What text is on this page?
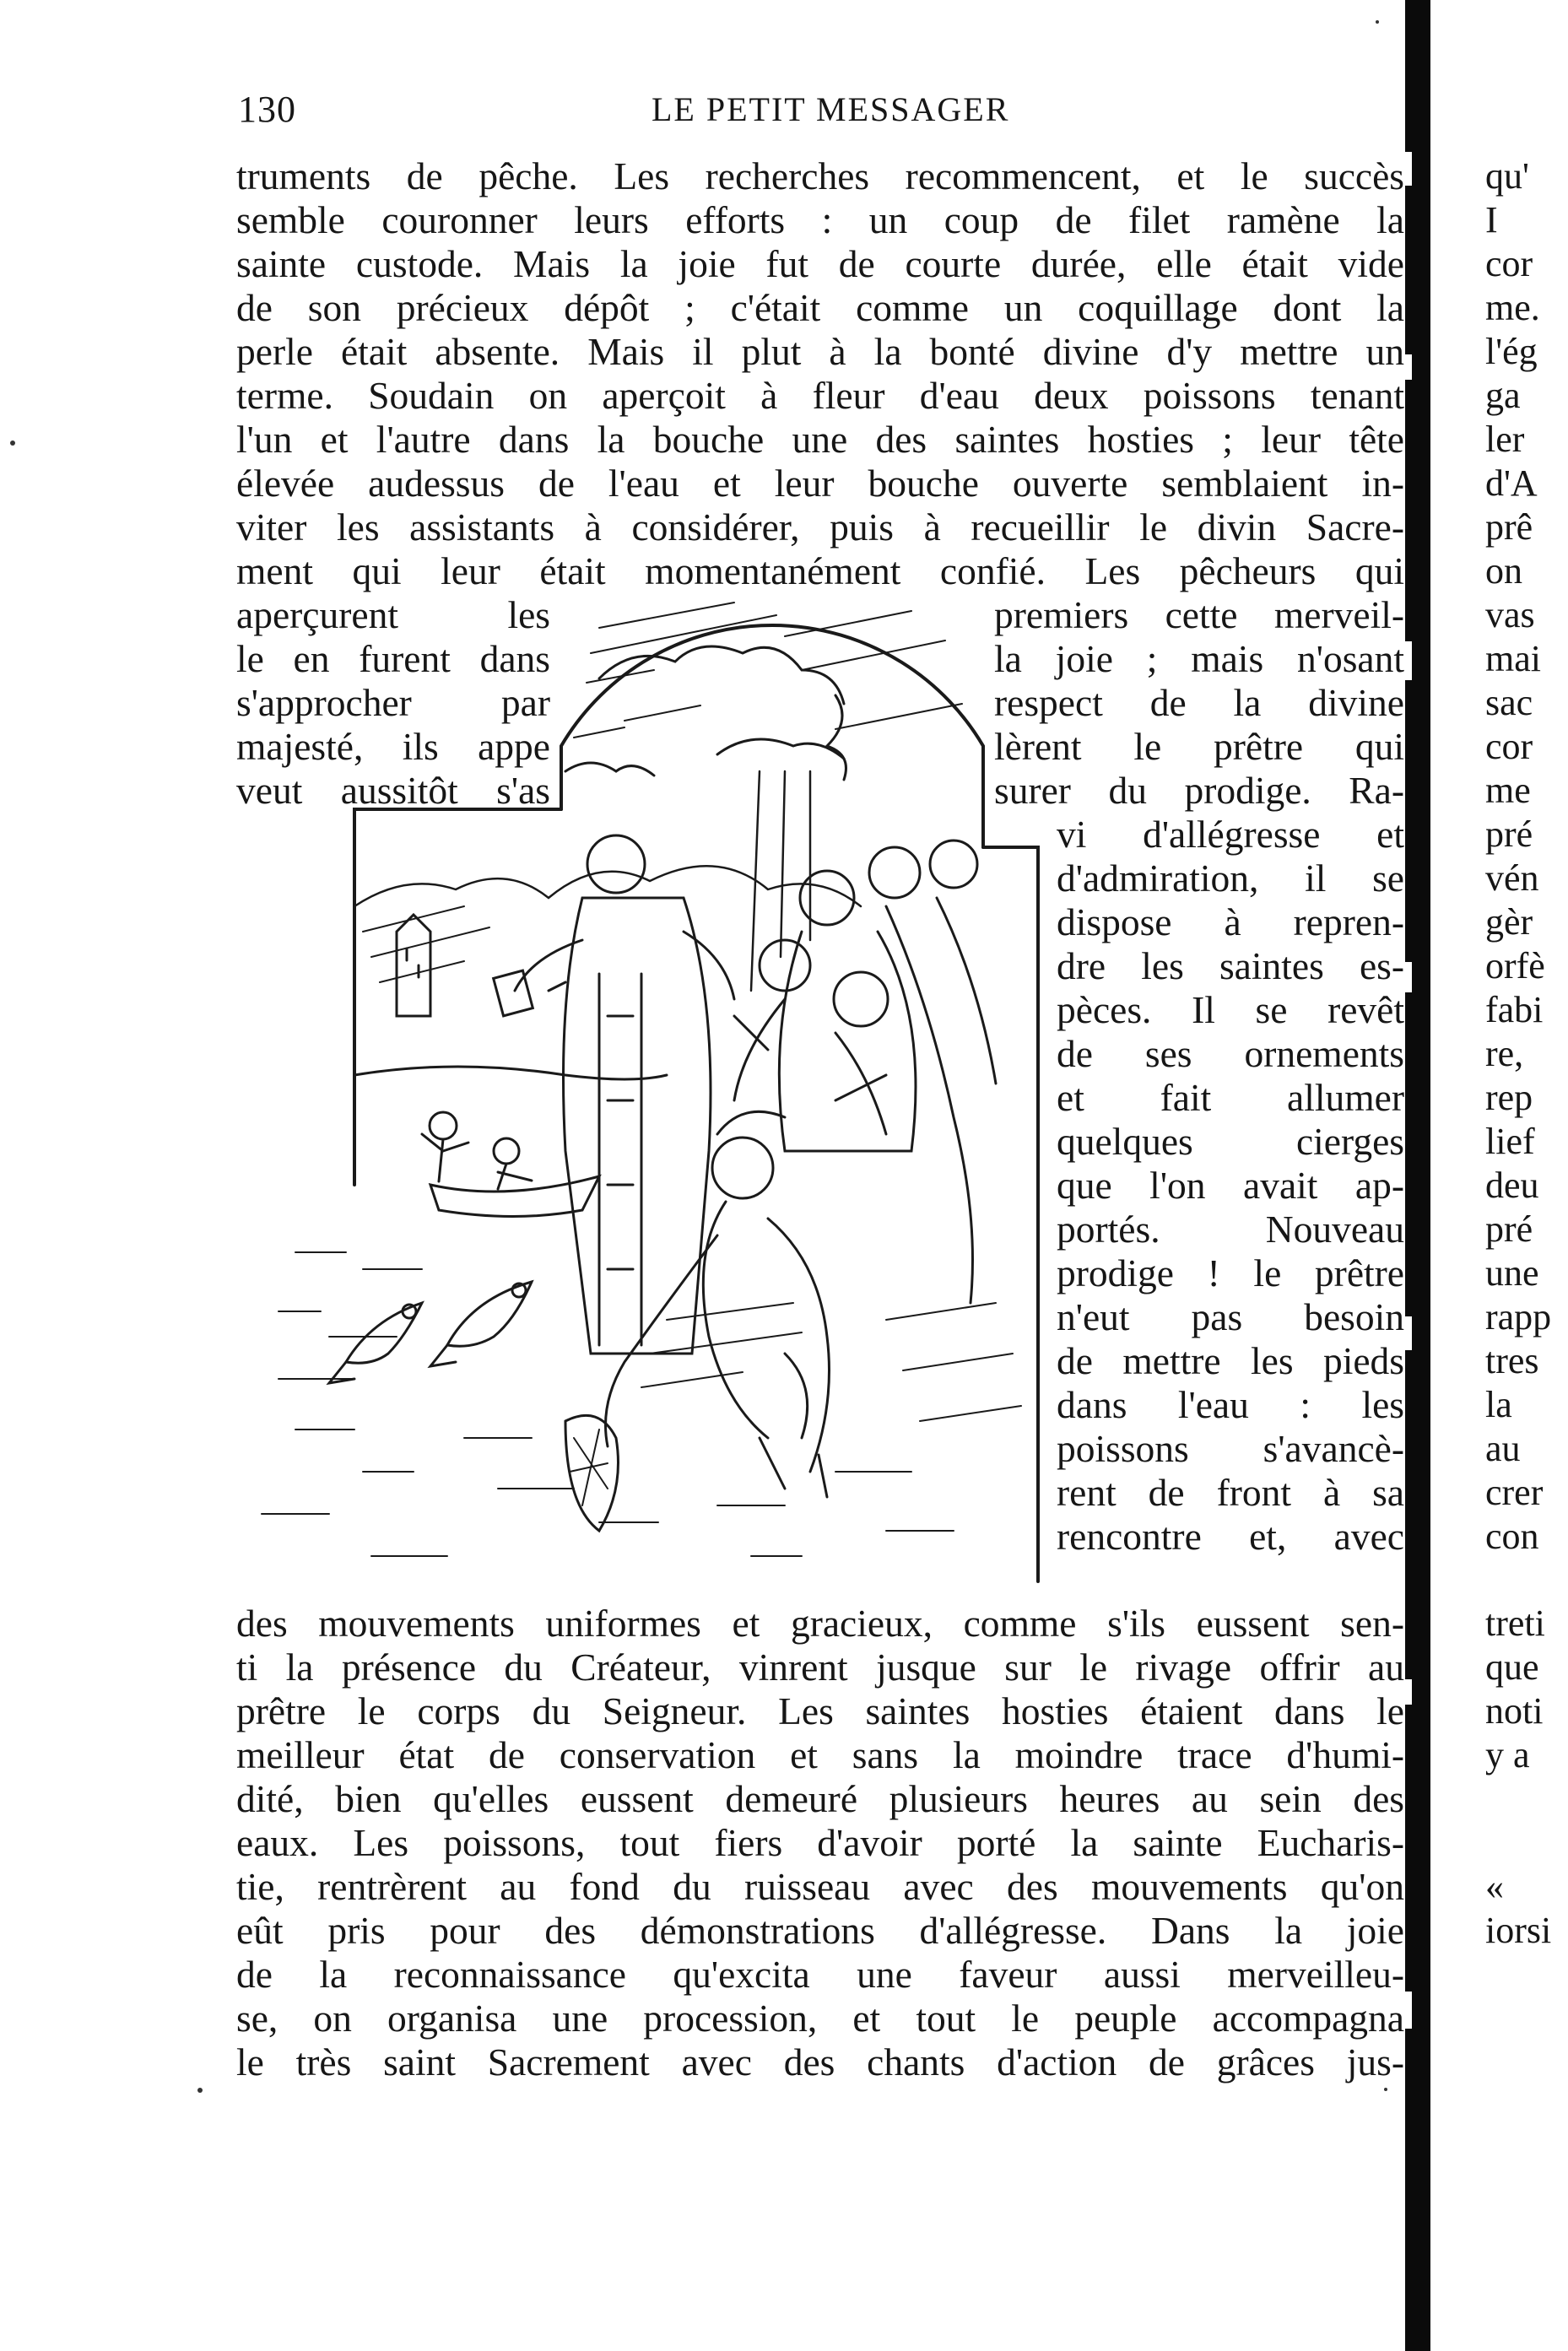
130	LE PETIT MESSAGER
truments de pêche. Les recherches recommencent, et le succès
semble couronner leurs efforts : un coup de filet ramène la
sainte custode. Mais la joie fut de courte durée, elle était vide
de son précieux dépôt ; c'était comme un coquillage dont la
perle était absente. Mais il plut à la bonté divine d'y mettre un
terme. Soudain on aperçoit à fleur d'eau deux poissons tenant
l'un et l'autre dans la bouche une des saintes hosties ; leur tête
élevée audessus de l'eau et leur bouche ouverte semblaient in-
viter les assistants à considérer, puis à recueillir le divin Sacre-
ment qui leur était momentanément confié. Les pêcheurs qui
aperçurent les
le en furent dans
s'approcher par
majesté, ils appe
veut aussitôt s'as
premiers cette merveil-
la joie ; mais n'osant
respect de la divine
lèrent le prêtre qui
surer du prodige. Ra-
vi d'allégresse et
d'admiration, il se
dispose à repren-
dre les saintes es-
pèces. Il se revêt
de ses ornements
et fait allumer
quelques cierges
que l'on avait ap-
portés. Nouveau
prodige ! le prêtre
n'eut pas besoin
de mettre les pieds
dans l'eau : les
poissons s'avancè-
rent de front à sa
rencontre et, avec
des mouvements uniformes et gracieux, comme s'ils eussent sen-
ti la présence du Créateur, vinrent jusque sur le rivage offrir au
prêtre le corps du Seigneur. Les saintes hosties étaient dans le
meilleur état de conservation et sans la moindre trace d'humi-
dité, bien qu'elles eussent demeuré plusieurs heures au sein des
eaux. Les poissons, tout fiers d'avoir porté la sainte Eucharis-
tie, rentrèrent au fond du ruisseau avec des mouvements qu'on
eût pris pour des démonstrations d'allégresse. Dans la joie
de la reconnaissance qu'excita une faveur aussi merveilleu-
se, on organisa une procession, et tout le peuple accompagna
le très saint Sacrement avec des chants d'action de grâces jus-
qu'
I
cor
me.
l'ég
ga
ler
d'A
prê
on
vas
mai
sac
cor
me
pré
vén
gèr
orfè
fabi
re,
rep
lief
deu
pré
une
rapp
tres
la
au
crer
con
treti
que
noti
y a
«
iorsi
